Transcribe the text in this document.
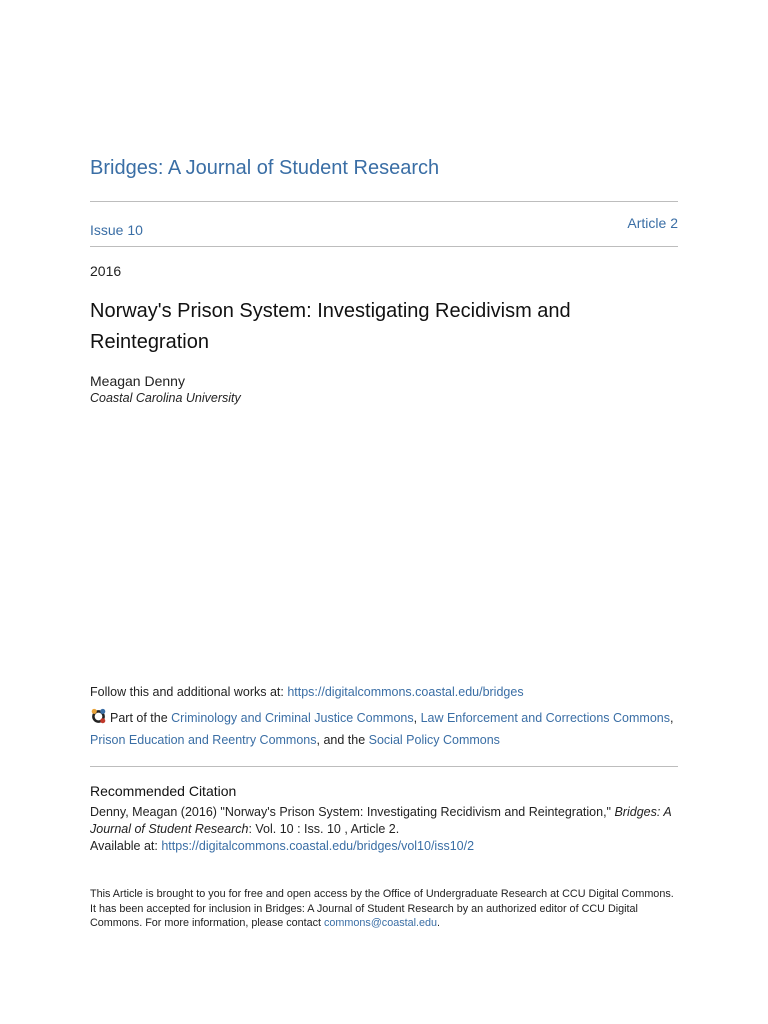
Bridges: A Journal of Student Research
Issue 10	Article 2
2016
Norway's Prison System: Investigating Recidivism and Reintegration
Meagan Denny
Coastal Carolina University
Follow this and additional works at: https://digitalcommons.coastal.edu/bridges
Part of the Criminology and Criminal Justice Commons, Law Enforcement and Corrections Commons,
Prison Education and Reentry Commons, and the Social Policy Commons
Recommended Citation
Denny, Meagan (2016) "Norway's Prison System: Investigating Recidivism and Reintegration," Bridges: A Journal of Student Research: Vol. 10 : Iss. 10 , Article 2.
Available at: https://digitalcommons.coastal.edu/bridges/vol10/iss10/2
This Article is brought to you for free and open access by the Office of Undergraduate Research at CCU Digital Commons. It has been accepted for inclusion in Bridges: A Journal of Student Research by an authorized editor of CCU Digital Commons. For more information, please contact commons@coastal.edu.
